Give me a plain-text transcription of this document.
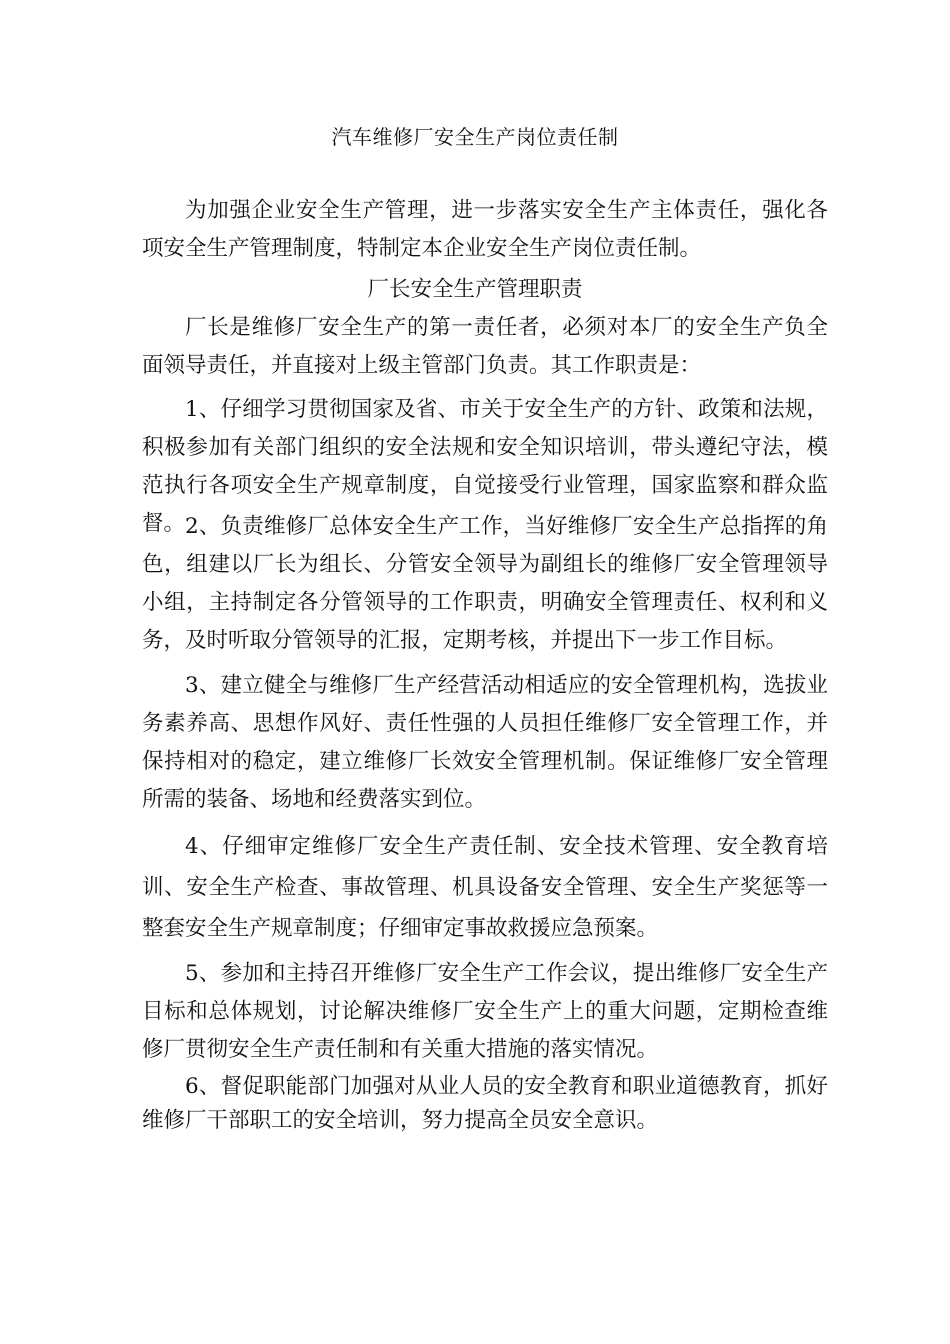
汽车维修厂安全生产岗位责任制

为加强企业安全生产管理，进一步落实安全生产主体责任，强化各项安全生产管理制度，特制定本企业安全生产岗位责任制。

厂长安全生产管理职责

厂长是维修厂安全生产的第一责任者，必须对本厂的安全生产负全面领导责任，并直接对上级主管部门负责。其工作职责是：

1、仔细学习贯彻国家及省、市关于安全生产的方针、政策和法规，积极参加有关部门组织的安全法规和安全知识培训，带头遵纪守法，模范执行各项安全生产规章制度，自觉接受行业管理，国家监察和群众监督。 2、负责维修厂总体安全生产工作，当好维修厂安全生产总指挥的角色，组建以厂长为组长、分管安全领导为副组长的维修厂安全管理领导小组，主持制定各分管领导的工作职责，明确安全管理责任、权利和义务，及时听取分管领导的汇报，定期考核，并提出下一步工作目标。

3、建立健全与维修厂生产经营活动相适应的安全管理机构，选拔业务素养高、思想作风好、责任性强的人员担任维修厂安全管理工作，并保持相对的稳定，建立维修厂长效安全管理机制。保证维修厂安全管理所需的装备、场地和经费落实到位。

4、仔细审定维修厂安全生产责任制、安全技术管理、安全教育培训、安全生产检查、事故管理、机具设备安全管理、安全生产奖惩等一整套安全生产规章制度；仔细审定事故救援应急预案。

5、参加和主持召开维修厂安全生产工作会议，提出维修厂安全生产目标和总体规划，讨论解决维修厂安全生产上的重大问题，定期检查维修厂贯彻安全生产责任制和有关重大措施的落实情况。

6、督促职能部门加强对从业人员的安全教育和职业道德教育，抓好维修厂干部职工的安全培训，努力提高全员安全意识。
